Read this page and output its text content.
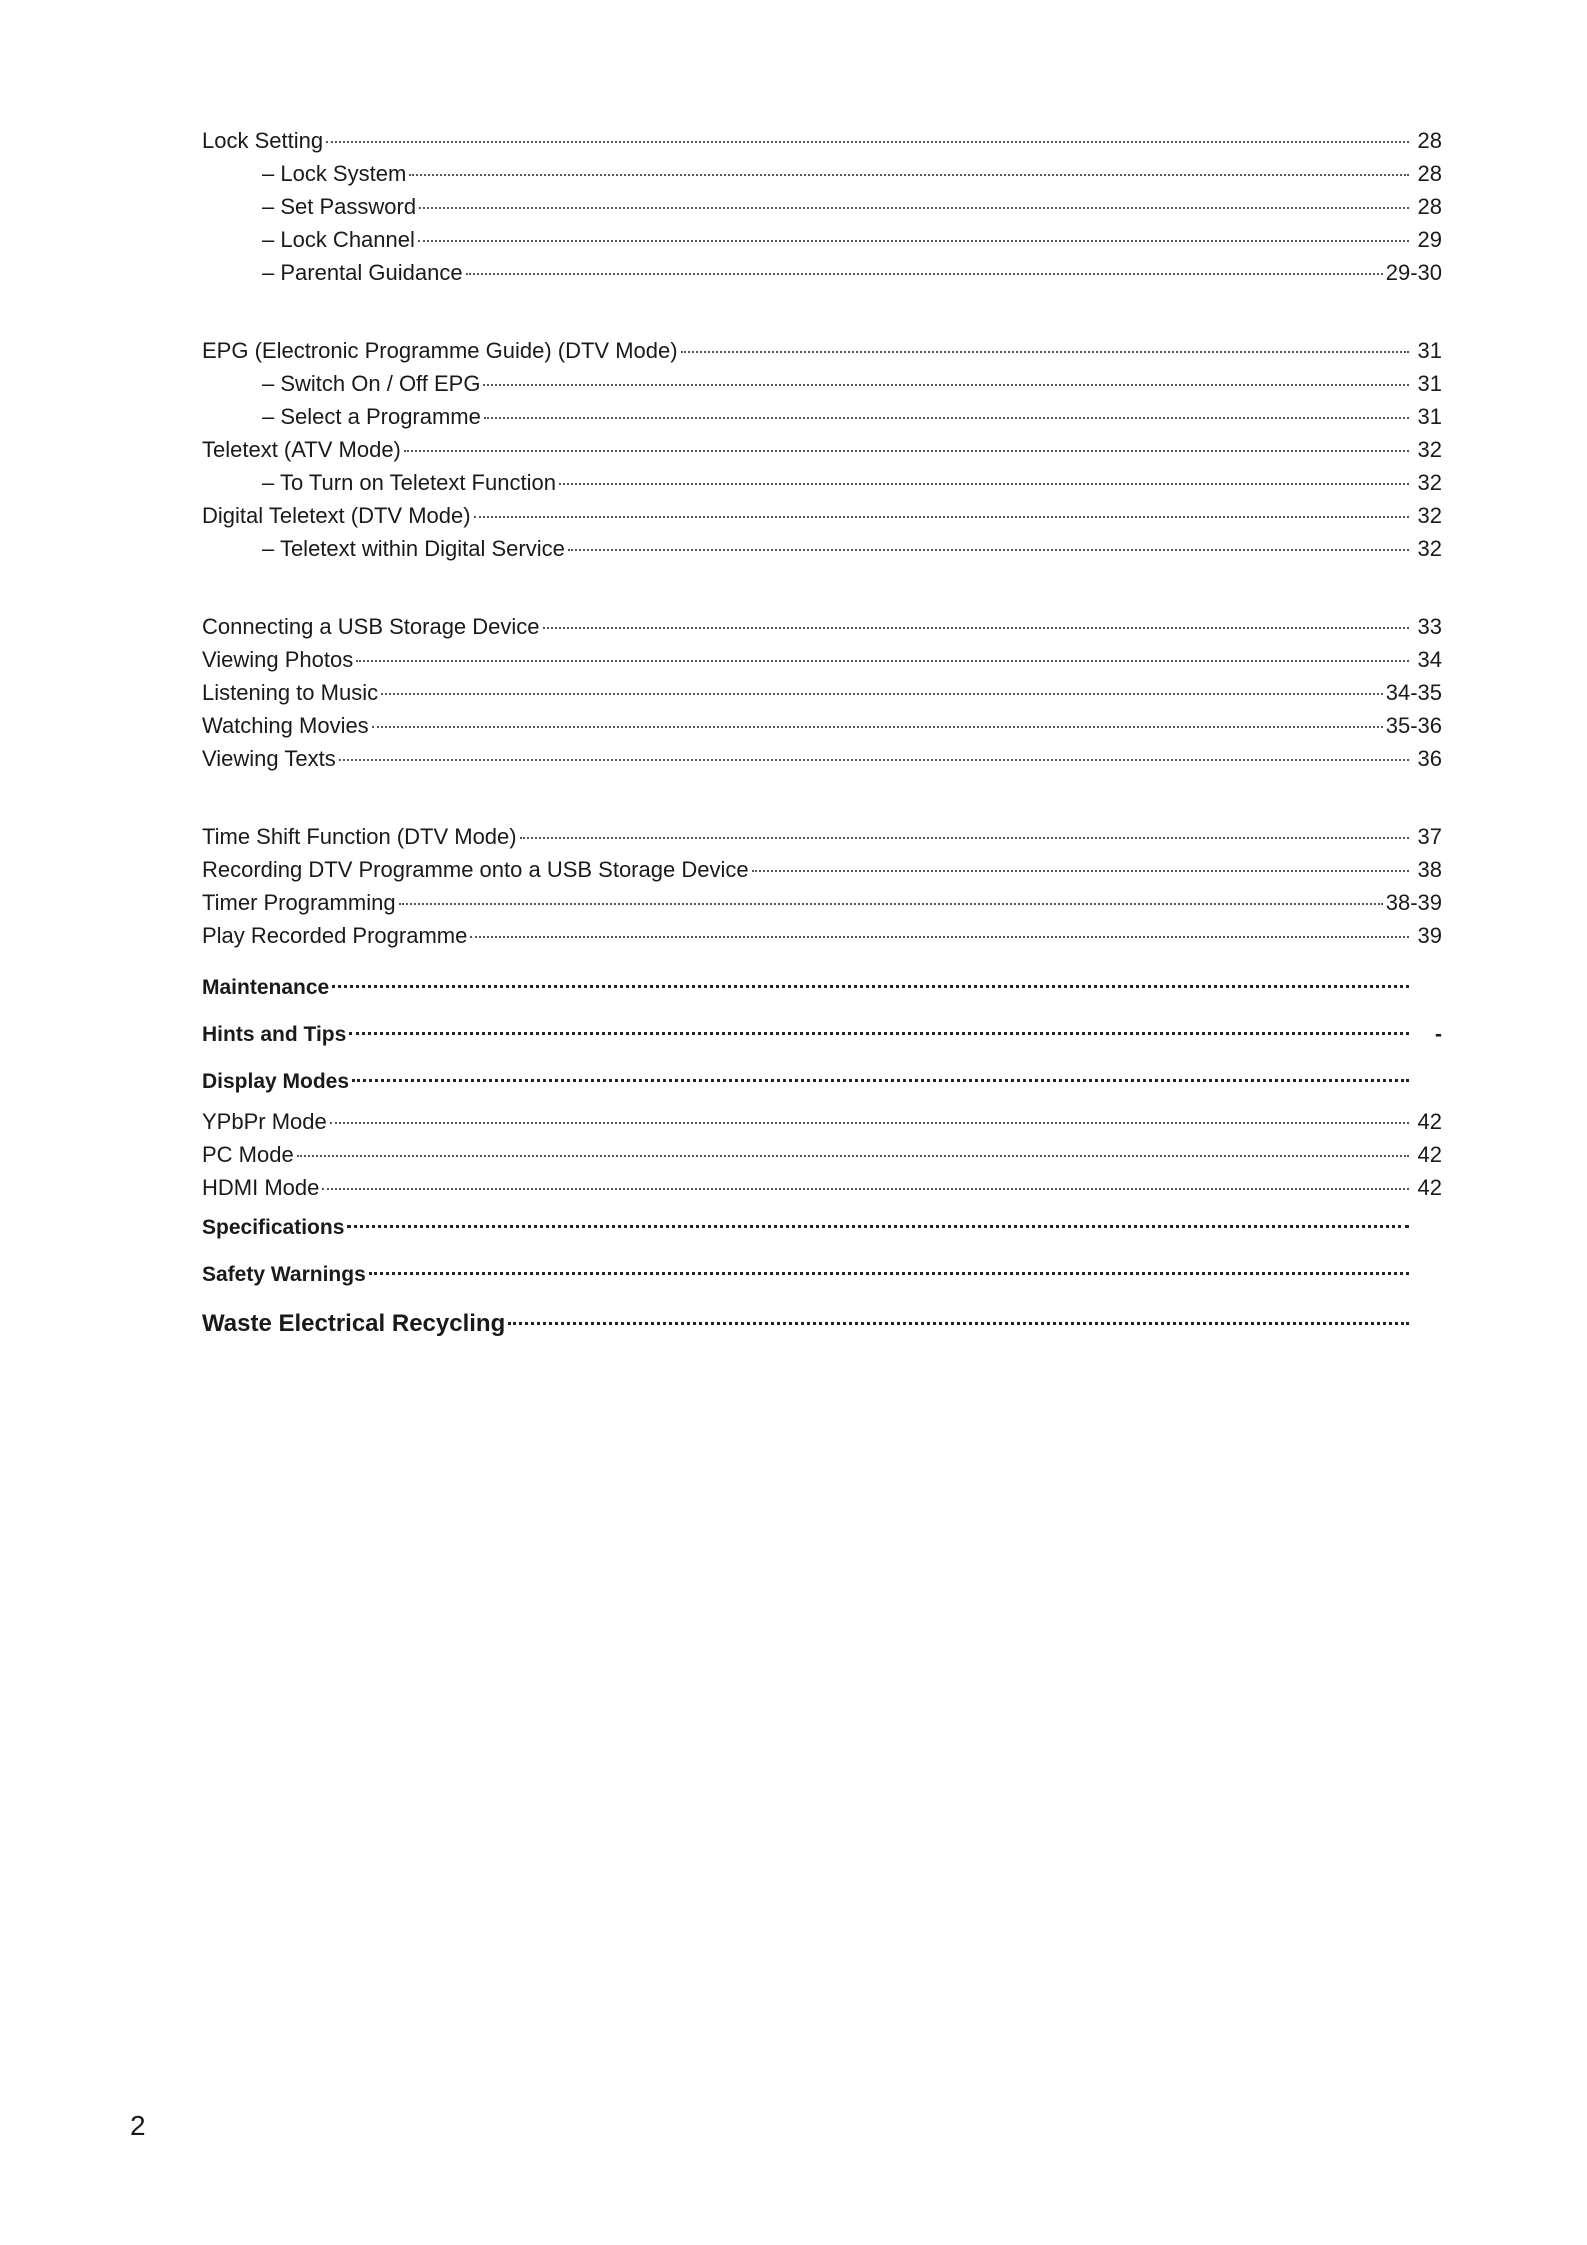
Lock Setting	28
– Lock System	28
– Set Password	28
– Lock Channel	29
– Parental Guidance	29-30
EPG (Electronic Programme Guide) (DTV Mode)	31
– Switch On / Off EPG	31
– Select a Programme	31
Teletext (ATV Mode)	32
– To Turn on Teletext Function	32
Digital Teletext (DTV Mode)	32
– Teletext within Digital Service	32
Connecting a USB Storage Device	33
Viewing Photos	34
Listening to Music	34-35
Watching Movies	35-36
Viewing Texts	36
Time Shift Function (DTV Mode)	37
Recording DTV Programme onto a USB Storage Device	38
Timer Programming	38-39
Play Recorded Programme	39
Maintenance
Hints and Tips	-
Display Modes
YPbPr Mode	42
PC Mode	42
HDMI Mode	42
Specifications
Safety Warnings
Waste Electrical Recycling
2
